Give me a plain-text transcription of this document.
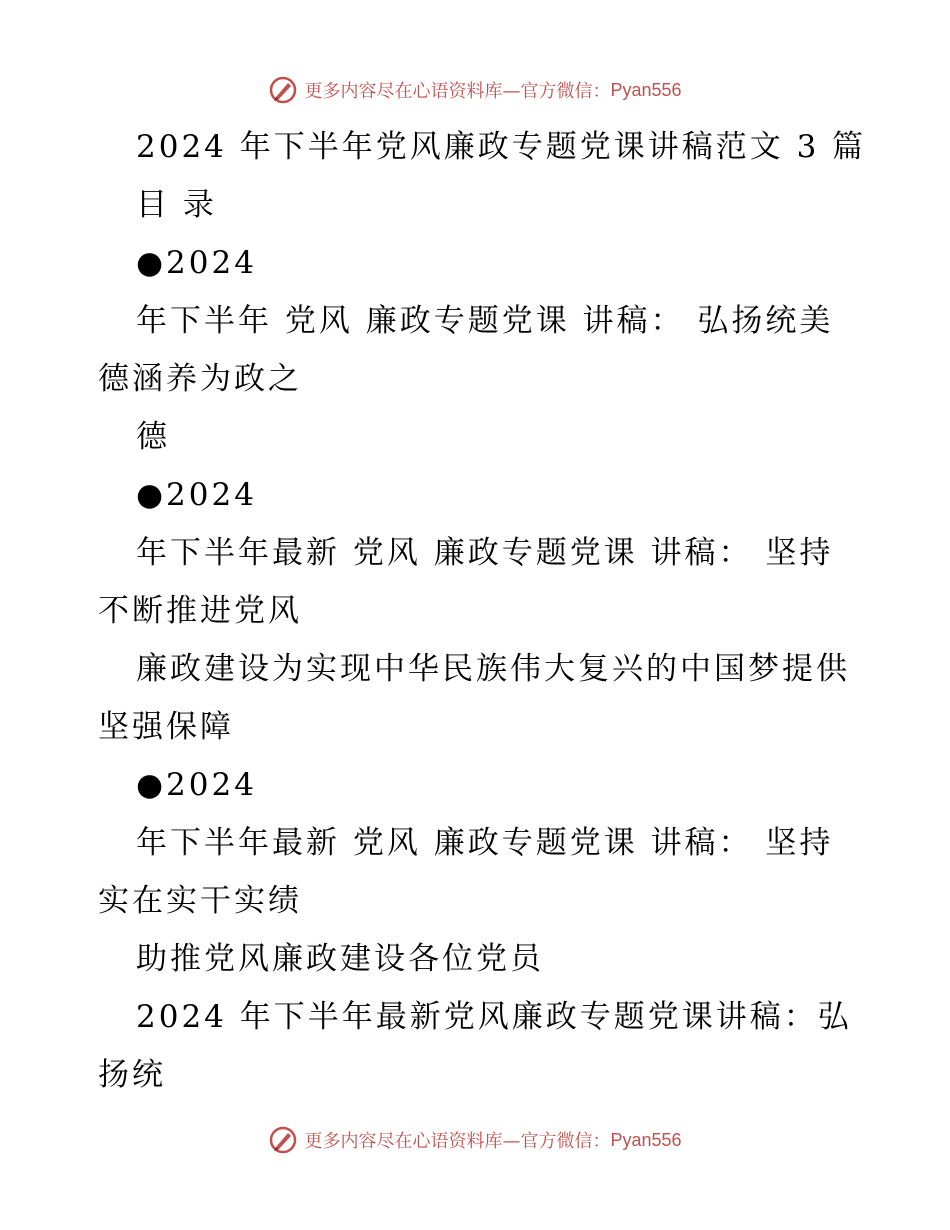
更多内容尽在心语资料库—官方微信： Pyan556
2024 年下半年党风廉政专题党课讲稿范文 3 篇
目 录
●2024
年下半年 党风 廉政专题党课 讲稿： 弘扬统美
德涵养为政之
德
●2024
年下半年最新 党风 廉政专题党课 讲稿： 坚持
不断推进党风
廉政建设为实现中华民族伟大复兴的中国梦提供
坚强保障
●2024
年下半年最新 党风 廉政专题党课 讲稿： 坚持
实在实干实绩
助推党风廉政建设各位党员
2024 年下半年最新党风廉政专题党课讲稿：弘
扬统
更多内容尽在心语资料库—官方微信： Pyan556
